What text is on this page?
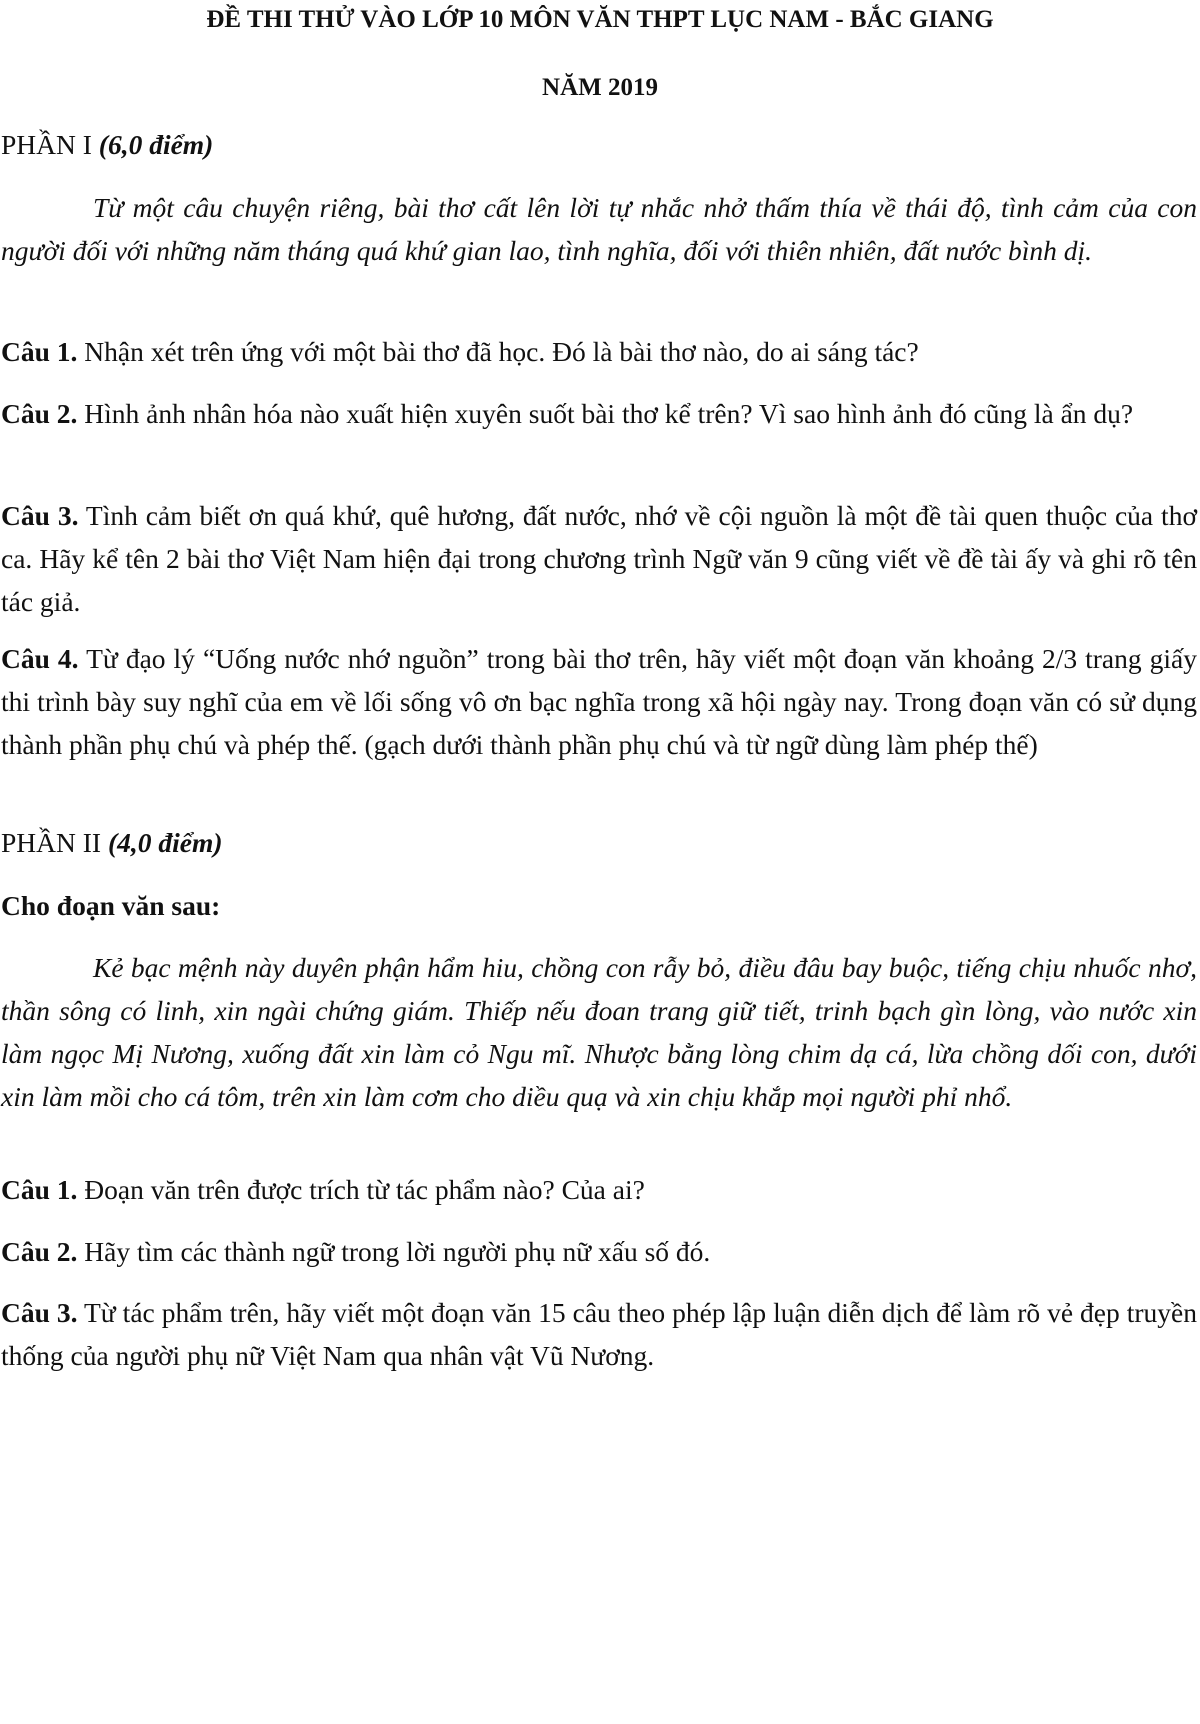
ĐỀ THI THỬ VÀO LỚP 10 MÔN VĂN THPT LỤC NAM - BẮC GIANG
NĂM 2019
PHẦN I (6,0 điểm)

Từ một câu chuyện riêng, bài thơ cất lên lời tự nhắc nhở thấm thía về thái độ, tình cảm của con người đối với những năm tháng quá khứ gian lao, tình nghĩa, đối với thiên nhiên, đất nước bình dị.

Câu 1. Nhận xét trên ứng với một bài thơ đã học. Đó là bài thơ nào, do ai sáng tác?

Câu 2. Hình ảnh nhân hóa nào xuất hiện xuyên suốt bài thơ kể trên? Vì sao hình ảnh đó cũng là ẩn dụ?

Câu 3. Tình cảm biết ơn quá khứ, quê hương, đất nước, nhớ về cội nguồn là một đề tài quen thuộc của thơ ca. Hãy kể tên 2 bài thơ Việt Nam hiện đại trong chương trình Ngữ văn 9 cũng viết về đề tài ấy và ghi rõ tên tác giả.

Câu 4. Từ đạo lý “Uống nước nhớ nguồn” trong bài thơ trên, hãy viết một đoạn văn khoảng 2/3 trang giấy thi trình bày suy nghĩ của em về lối sống vô ơn bạc nghĩa trong xã hội ngày nay. Trong đoạn văn có sử dụng thành phần phụ chú và phép thế. (gạch dưới thành phần phụ chú và từ ngữ dùng làm phép thế)

PHẦN II (4,0 điểm)

Cho đoạn văn sau:

Kẻ bạc mệnh này duyên phận hẩm hiu, chồng con rẫy bỏ, điều đâu bay buộc, tiếng chịu nhuốc nhơ, thần sông có linh, xin ngài chứng giám. Thiếp nếu đoan trang giữ tiết, trinh bạch gìn lòng, vào nước xin làm ngọc Mị Nương, xuống đất xin làm cỏ Ngu mĩ. Nhược bằng lòng chim dạ cá, lừa chồng dối con, dưới xin làm mồi cho cá tôm, trên xin làm cơm cho diều quạ và xin chịu khắp mọi người phỉ nhổ.

Câu 1. Đoạn văn trên được trích từ tác phẩm nào? Của ai?

Câu 2. Hãy tìm các thành ngữ trong lời người phụ nữ xấu số đó.

Câu 3. Từ tác phẩm trên, hãy viết một đoạn văn 15 câu theo phép lập luận diễn dịch để làm rõ vẻ đẹp truyền thống của người phụ nữ Việt Nam qua nhân vật Vũ Nương.
